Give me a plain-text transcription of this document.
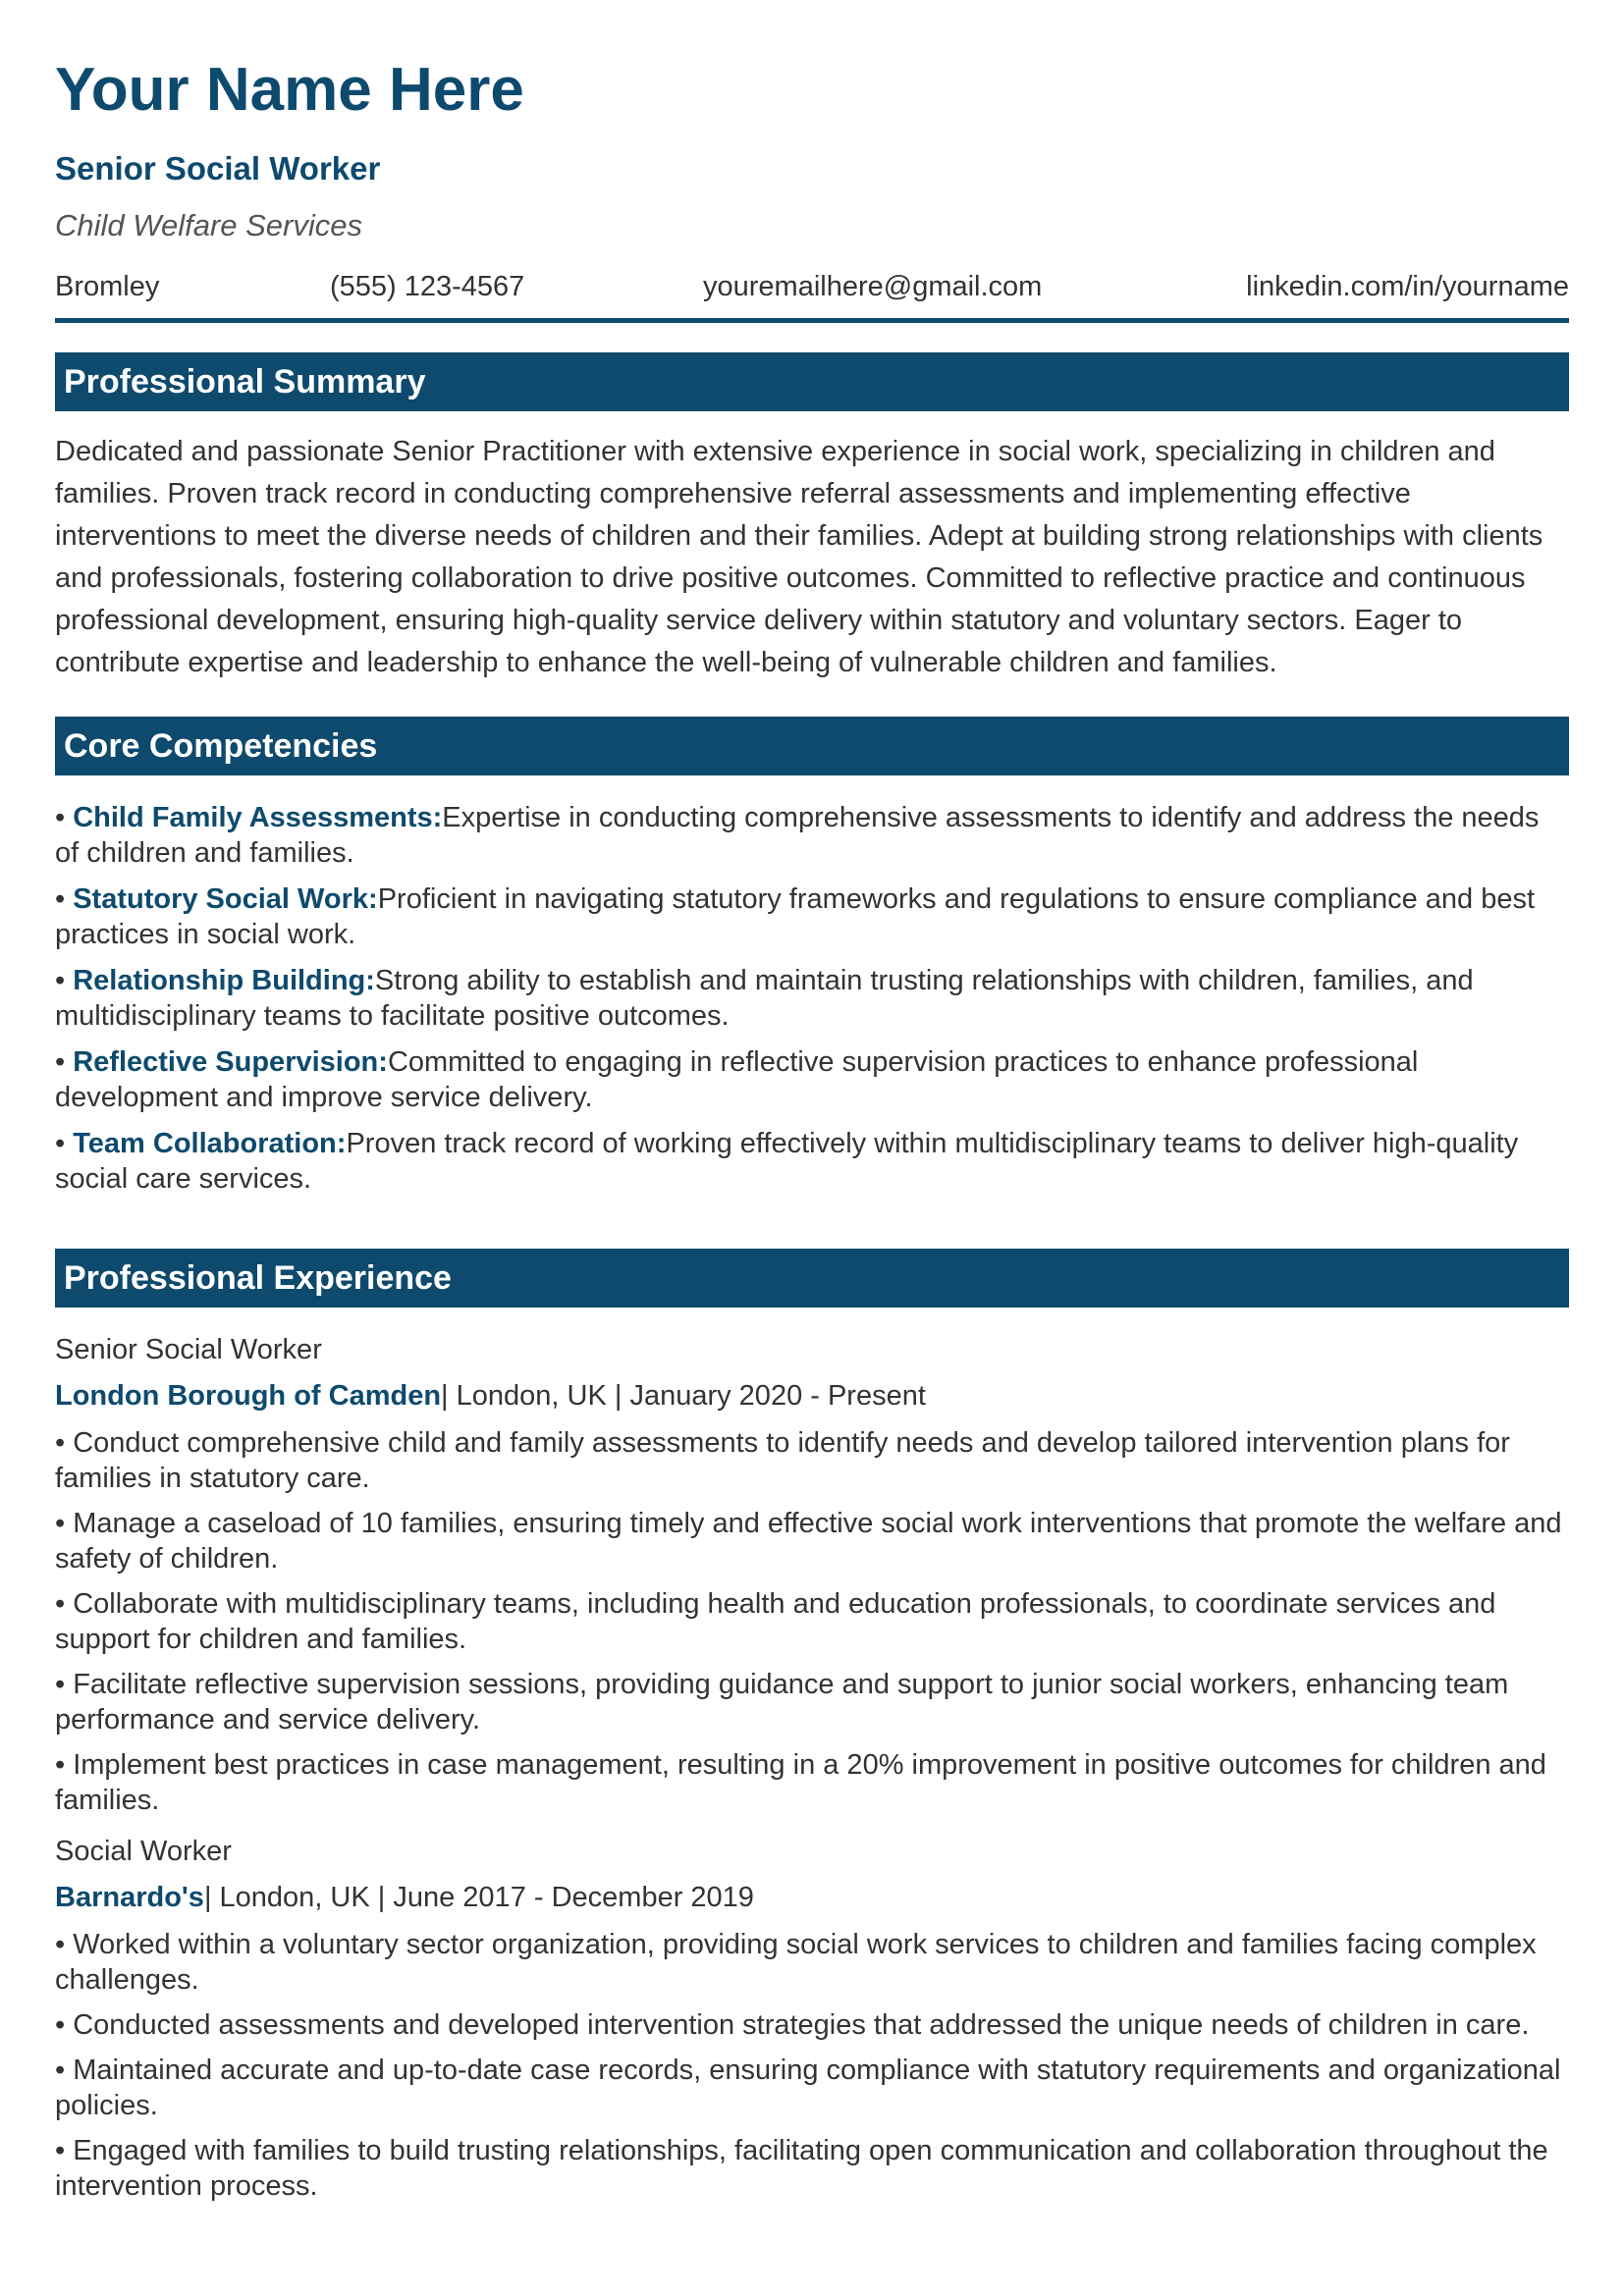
Your Name Here
Senior Social Worker
Child Welfare Services
Bromley	(555) 123-4567	youremailhere@gmail.com	linkedin.com/in/yourname
Professional Summary
Dedicated and passionate Senior Practitioner with extensive experience in social work, specializing in children and families. Proven track record in conducting comprehensive referral assessments and implementing effective interventions to meet the diverse needs of children and their families. Adept at building strong relationships with clients and professionals, fostering collaboration to drive positive outcomes. Committed to reflective practice and continuous professional development, ensuring high-quality service delivery within statutory and voluntary sectors. Eager to contribute expertise and leadership to enhance the well-being of vulnerable children and families.
Core Competencies
• Child Family Assessments:Expertise in conducting comprehensive assessments to identify and address the needs of children and families.
• Statutory Social Work:Proficient in navigating statutory frameworks and regulations to ensure compliance and best practices in social work.
• Relationship Building:Strong ability to establish and maintain trusting relationships with children, families, and multidisciplinary teams to facilitate positive outcomes.
• Reflective Supervision:Committed to engaging in reflective supervision practices to enhance professional development and improve service delivery.
• Team Collaboration:Proven track record of working effectively within multidisciplinary teams to deliver high-quality social care services.
Professional Experience
Senior Social Worker
London Borough of Camden| London, UK | January 2020 - Present
• Conduct comprehensive child and family assessments to identify needs and develop tailored intervention plans for families in statutory care.
• Manage a caseload of 10 families, ensuring timely and effective social work interventions that promote the welfare and safety of children.
• Collaborate with multidisciplinary teams, including health and education professionals, to coordinate services and support for children and families.
• Facilitate reflective supervision sessions, providing guidance and support to junior social workers, enhancing team performance and service delivery.
• Implement best practices in case management, resulting in a 20% improvement in positive outcomes for children and families.
Social Worker
Barnardo's| London, UK | June 2017 - December 2019
• Worked within a voluntary sector organization, providing social work services to children and families facing complex challenges.
• Conducted assessments and developed intervention strategies that addressed the unique needs of children in care.
• Maintained accurate and up-to-date case records, ensuring compliance with statutory requirements and organizational policies.
• Engaged with families to build trusting relationships, facilitating open communication and collaboration throughout the intervention process.
